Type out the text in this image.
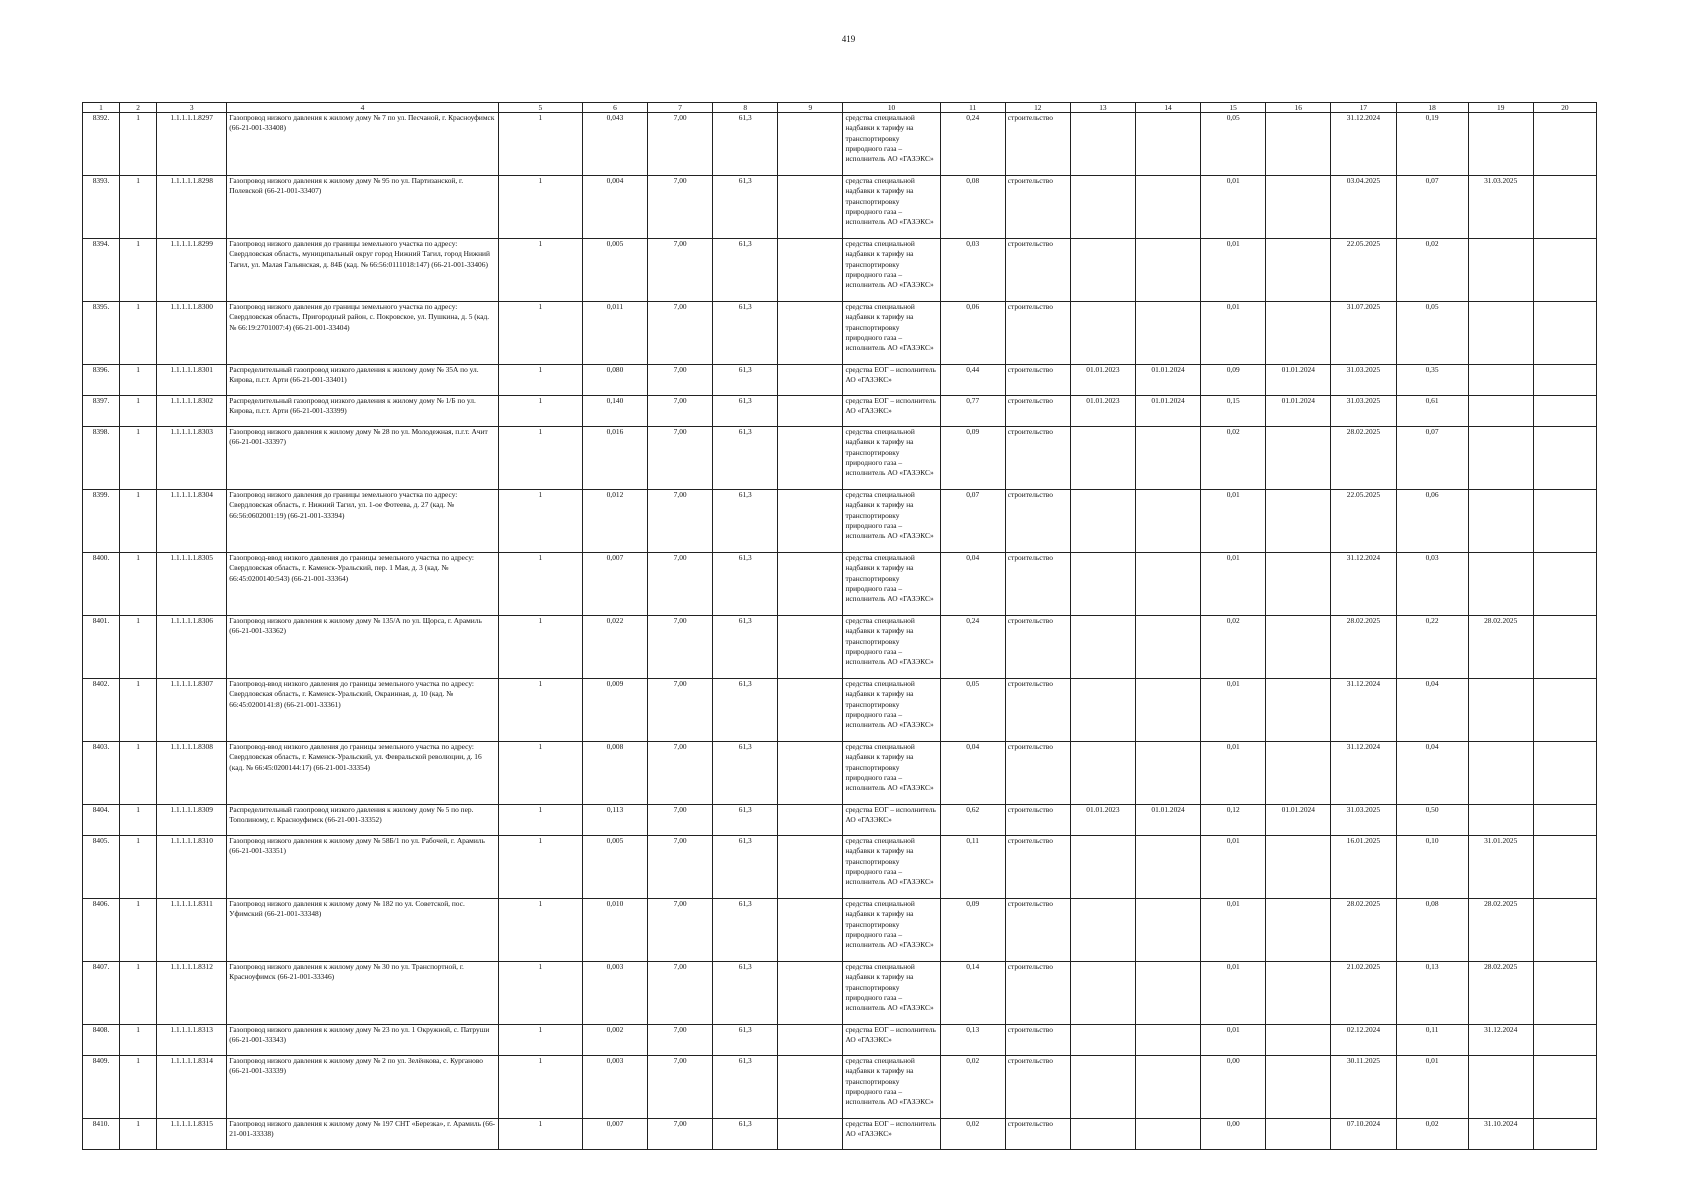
419
1	2	3	4	5	6	7	8	9	10	11	12	13	14	15	16	17	18	19	20
8392.	1	1.1.1.1.1.8297	Газопровод низкого давления к жилому дому № 7 по ул. Песчаной, г. Красноуфимск (66-21-001-33408)	1	0,043	7,00	61,3		средства специальной надбавки к тарифу на транспортировку природного газа – исполнитель АО «ГАЗЭКС»	0,24	строительство			0,05		31.12.2024	0,19		
8393.	1	1.1.1.1.1.8298	Газопровод низкого давления к жилому дому № 95 по ул. Партизанской, г. Полевской (66-21-001-33407)	1	0,004	7,00	61,3		средства специальной надбавки к тарифу на транспортировку природного газа – исполнитель АО «ГАЗЭКС»	0,08	строительство			0,01		03.04.2025	0,07	31.03.2025	
8394.	1	1.1.1.1.1.8299	Газопровод низкого давления до границы земельного участка по адресу: Свердловская область, муниципальный округ город Нижний Тагил, город Нижний Тагил, ул. Малая Гальянская, д. 84Б (кад. № 66:56:0111018:147) (66-21-001-33406)	1	0,005	7,00	61,3		средства специальной надбавки к тарифу на транспортировку природного газа – исполнитель АО «ГАЗЭКС»	0,03	строительство			0,01		22.05.2025	0,02		
8395.	1	1.1.1.1.1.8300	Газопровод низкого давления до границы земельного участка по адресу: Свердловская область, Пригородный район, с. Покровское, ул. Пушкина, д. 5 (кад. № 66:19:2701007:4) (66-21-001-33404)	1	0,011	7,00	61,3		средства специальной надбавки к тарифу на транспортировку природного газа – исполнитель АО «ГАЗЭКС»	0,06	строительство			0,01		31.07.2025	0,05		
8396.	1	1.1.1.1.1.8301	Распределительный газопровод низкого давления к жилому дому № 35А по ул. Кирова, п.г.т. Арти (66-21-001-33401)	1	0,080	7,00	61,3		средства ЕОГ – исполнитель АО «ГАЗЭКС»	0,44	строительство	01.01.2023	01.01.2024	0,09	01.01.2024	31.03.2025	0,35		
8397.	1	1.1.1.1.1.8302	Распределительный газопровод низкого давления к жилому дому № 1/Б по ул. Кирова, п.г.т. Арти (66-21-001-33399)	1	0,140	7,00	61,3		средства ЕОГ – исполнитель АО «ГАЗЭКС»	0,77	строительство	01.01.2023	01.01.2024	0,15	01.01.2024	31.03.2025	0,61		
8398.	1	1.1.1.1.1.8303	Газопровод низкого давления к жилому дому № 28 по ул. Молодежная, п.г.т. Ачит (66-21-001-33397)	1	0,016	7,00	61,3		средства специальной надбавки к тарифу на транспортировку природного газа – исполнитель АО «ГАЗЭКС»	0,09	строительство			0,02		28.02.2025	0,07		
8399.	1	1.1.1.1.1.8304	Газопровод низкого давления до границы земельного участка по адресу: Свердловская область, г. Нижний Тагил, ул. 1-ое Фотеева, д. 27 (кад. № 66:56:0602001:19) (66-21-001-33394)	1	0,012	7,00	61,3		средства специальной надбавки к тарифу на транспортировку природного газа – исполнитель АО «ГАЗЭКС»	0,07	строительство			0,01		22.05.2025	0,06		
8400.	1	1.1.1.1.1.8305	Газопровод-ввод низкого давления до границы земельного участка по адресу: Свердловская область, г. Каменск-Уральский, пер. 1 Мая, д. 3 (кад. № 66:45:0200140:543) (66-21-001-33364)	1	0,007	7,00	61,3		средства специальной надбавки к тарифу на транспортировку природного газа – исполнитель АО «ГАЗЭКС»	0,04	строительство			0,01		31.12.2024	0,03		
8401.	1	1.1.1.1.1.8306	Газопровод низкого давления к жилому дому № 135/А по ул. Щорса, г. Арамиль (66-21-001-33362)	1	0,022	7,00	61,3		средства специальной надбавки к тарифу на транспортировку природного газа – исполнитель АО «ГАЗЭКС»	0,24	строительство			0,02		28.02.2025	0,22	28.02.2025	
8402.	1	1.1.1.1.1.8307	Газопровод-ввод низкого давления до границы земельного участка по адресу: Свердловская область, г. Каменск-Уральский, Окраинная, д. 10 (кад. № 66:45:0200141:8) (66-21-001-33361)	1	0,009	7,00	61,3		средства специальной надбавки к тарифу на транспортировку природного газа – исполнитель АО «ГАЗЭКС»	0,05	строительство			0,01		31.12.2024	0,04		
8403.	1	1.1.1.1.1.8308	Газопровод-ввод низкого давления до границы земельного участка по адресу: Свердловская область, г. Каменск-Уральский, ул. Февральской революции, д. 16 (кад. № 66:45:0200144:17) (66-21-001-33354)	1	0,008	7,00	61,3		средства специальной надбавки к тарифу на транспортировку природного газа – исполнитель АО «ГАЗЭКС»	0,04	строительство			0,01		31.12.2024	0,04		
8404.	1	1.1.1.1.1.8309	Распределительный газопровод низкого давления к жилому дому № 5 по пер. Тополиному, г. Красноуфимск (66-21-001-33352)	1	0,113	7,00	61,3		средства ЕОГ – исполнитель АО «ГАЗЭКС»	0,62	строительство	01.01.2023	01.01.2024	0,12	01.01.2024	31.03.2025	0,50		
8405.	1	1.1.1.1.1.8310	Газопровод низкого давления к жилому дому № 58Б/1 по ул. Рабочей, г. Арамиль (66-21-001-33351)	1	0,005	7,00	61,3		средства специальной надбавки к тарифу на транспортировку природного газа – исполнитель АО «ГАЗЭКС»	0,11	строительство			0,01		16.01.2025	0,10	31.01.2025	
8406.	1	1.1.1.1.1.8311	Газопровод низкого давления к жилому дому № 182 по ул. Советской, пос. Уфимский (66-21-001-33348)	1	0,010	7,00	61,3		средства специальной надбавки к тарифу на транспортировку природного газа – исполнитель АО «ГАЗЭКС»	0,09	строительство			0,01		28.02.2025	0,08	28.02.2025	
8407.	1	1.1.1.1.1.8312	Газопровод низкого давления к жилому дому № 30 по ул. Транспортной, г. Красноуфимск (66-21-001-33346)	1	0,003	7,00	61,3		средства специальной надбавки к тарифу на транспортировку природного газа – исполнитель АО «ГАЗЭКС»	0,14	строительство			0,01		21.02.2025	0,13	28.02.2025	
8408.	1	1.1.1.1.1.8313	Газопровод низкого давления к жилому дому № 23 по ул. 1 Окружной, с. Патруши (66-21-001-33343)	1	0,002	7,00	61,3		средства ЕОГ – исполнитель АО «ГАЗЭКС»	0,13	строительство			0,01		02.12.2024	0,11	31.12.2024	
8409.	1	1.1.1.1.1.8314	Газопровод низкого давления к жилому дому № 2 по ул. Зелёнкова, с. Курганово (66-21-001-33339)	1	0,003	7,00	61,3		средства специальной надбавки к тарифу на транспортировку природного газа – исполнитель АО «ГАЗЭКС»	0,02	строительство			0,00		30.11.2025	0,01		
8410.	1	1.1.1.1.1.8315	Газопровод низкого давления к жилому дому № 197 СНТ «Березка», г. Арамиль (66-21-001-33338)	1	0,007	7,00	61,3		средства ЕОГ – исполнитель АО «ГАЗЭКС»	0,02	строительство			0,00		07.10.2024	0,02	31.10.2024	
